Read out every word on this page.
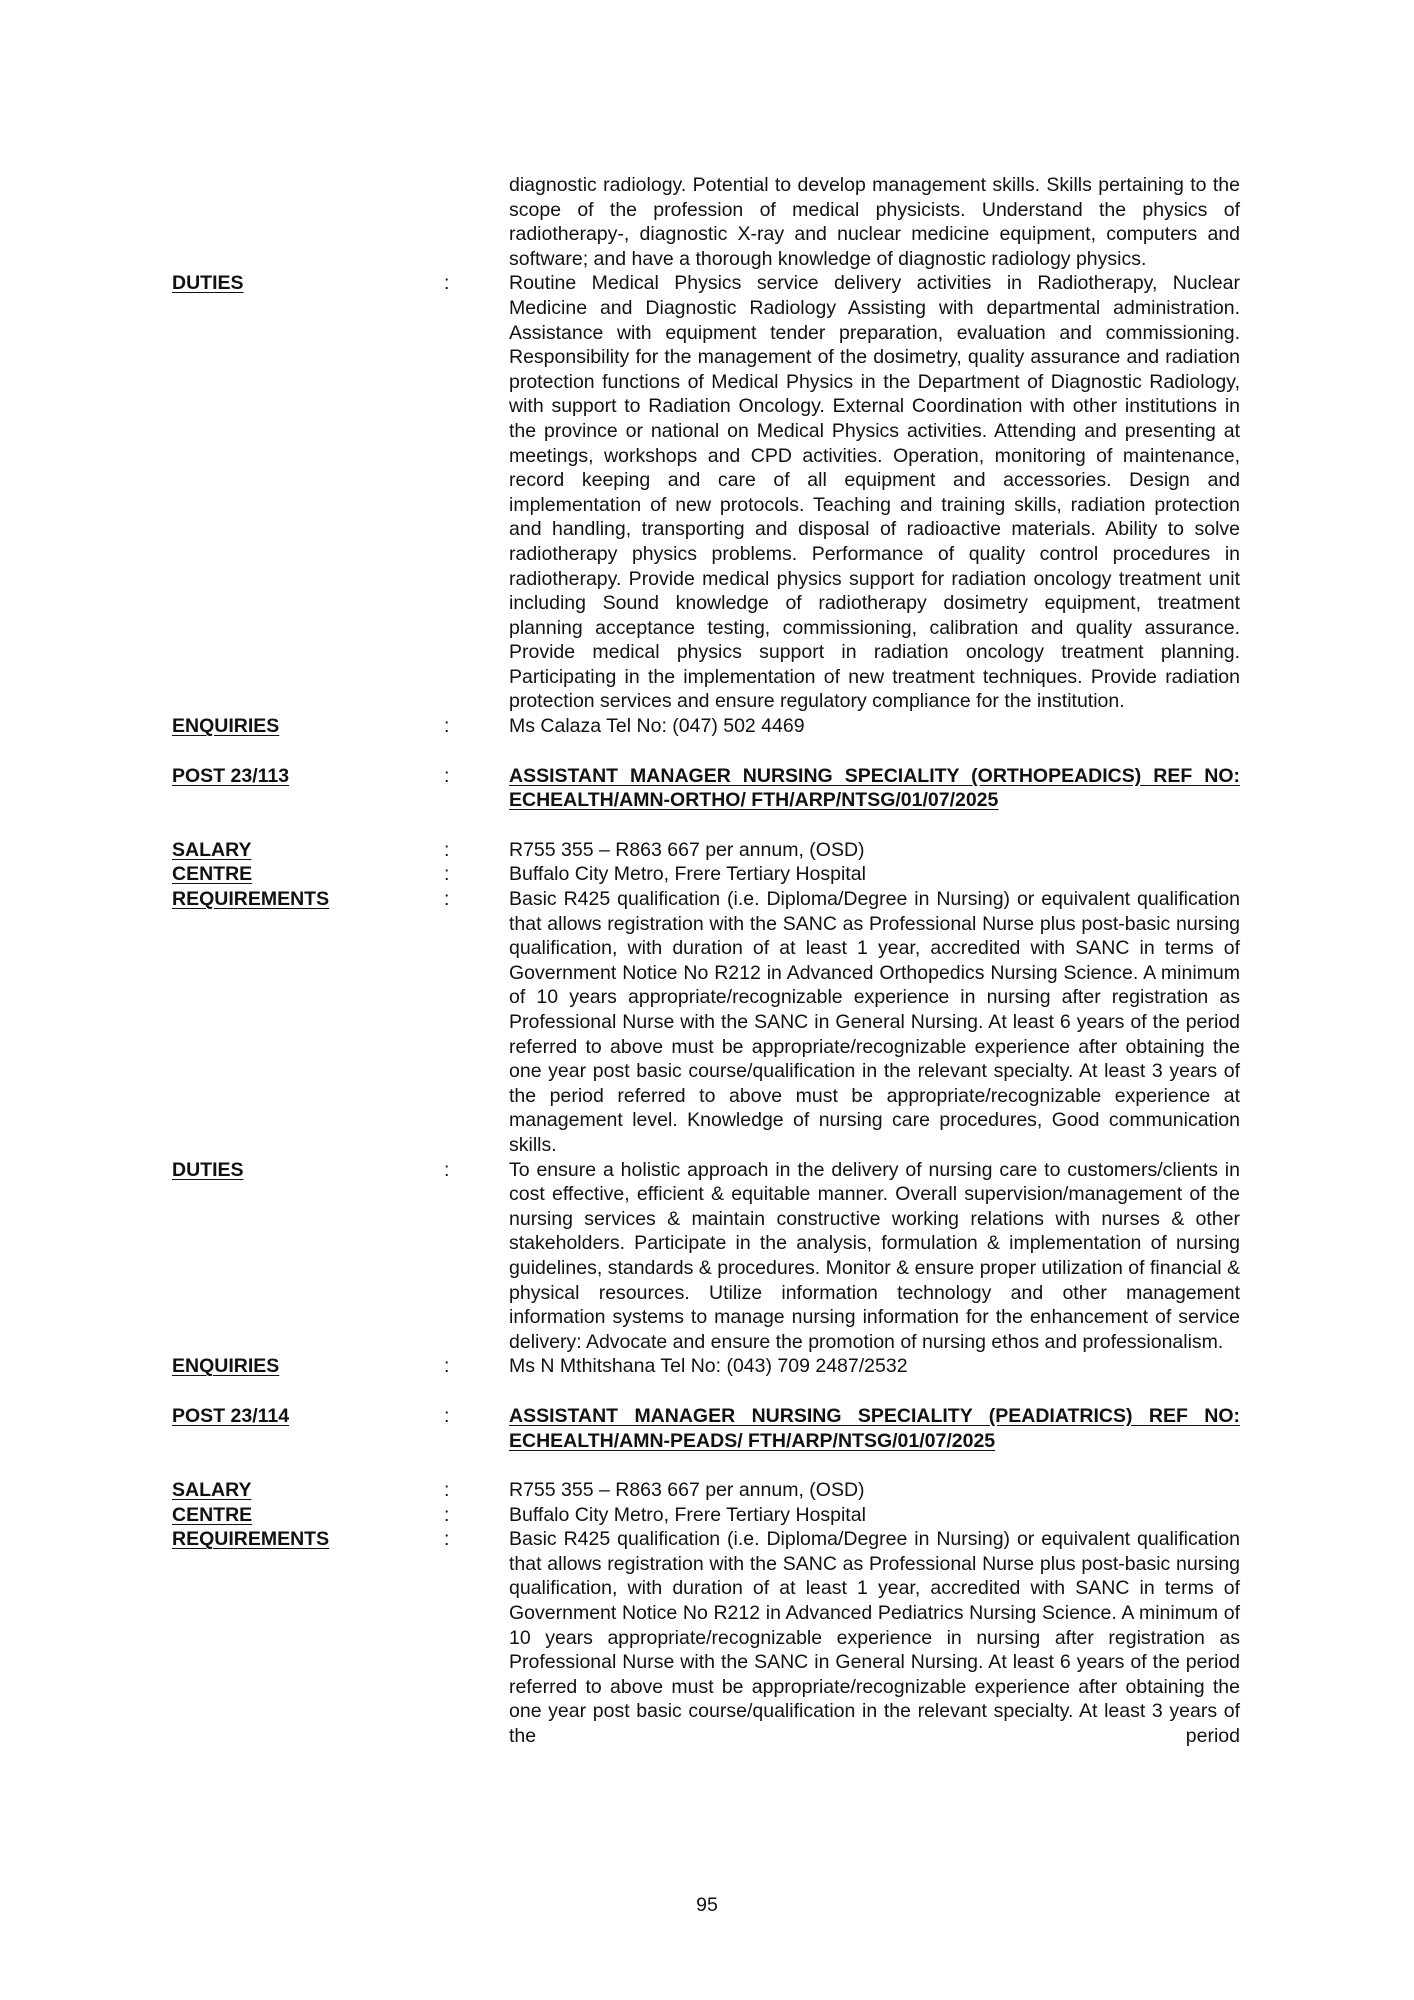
diagnostic radiology. Potential to develop management skills. Skills pertaining to the scope of the profession of medical physicists. Understand the physics of radiotherapy-, diagnostic X-ray and nuclear medicine equipment, computers and software; and have a thorough knowledge of diagnostic radiology physics.
DUTIES	:	Routine Medical Physics service delivery activities in Radiotherapy, Nuclear Medicine and Diagnostic Radiology Assisting with departmental administration. Assistance with equipment tender preparation, evaluation and commissioning. Responsibility for the management of the dosimetry, quality assurance and radiation protection functions of Medical Physics in the Department of Diagnostic Radiology, with support to Radiation Oncology. External Coordination with other institutions in the province or national on Medical Physics activities. Attending and presenting at meetings, workshops and CPD activities. Operation, monitoring of maintenance, record keeping and care of all equipment and accessories. Design and implementation of new protocols. Teaching and training skills, radiation protection and handling, transporting and disposal of radioactive materials. Ability to solve radiotherapy physics problems. Performance of quality control procedures in radiotherapy. Provide medical physics support for radiation oncology treatment unit including Sound knowledge of radiotherapy dosimetry equipment, treatment planning acceptance testing, commissioning, calibration and quality assurance. Provide medical physics support in radiation oncology treatment planning. Participating in the implementation of new treatment techniques. Provide radiation protection services and ensure regulatory compliance for the institution.
ENQUIRIES	:	Ms Calaza Tel No: (047) 502 4469
POST 23/113	:	ASSISTANT MANAGER NURSING SPECIALITY (ORTHOPEADICS) REF NO: ECHEALTH/AMN-ORTHO/ FTH/ARP/NTSG/01/07/2025
SALARY	:	R755 355 – R863 667 per annum, (OSD)
CENTRE	:	Buffalo City Metro, Frere Tertiary Hospital
REQUIREMENTS	:	Basic R425 qualification (i.e. Diploma/Degree in Nursing) or equivalent qualification that allows registration with the SANC as Professional Nurse plus post-basic nursing qualification, with duration of at least 1 year, accredited with SANC in terms of Government Notice No R212 in Advanced Orthopedics Nursing Science. A minimum of 10 years appropriate/recognizable experience in nursing after registration as Professional Nurse with the SANC in General Nursing. At least 6 years of the period referred to above must be appropriate/recognizable experience after obtaining the one year post basic course/qualification in the relevant specialty. At least 3 years of the period referred to above must be appropriate/recognizable experience at management level. Knowledge of nursing care procedures, Good communication skills.
DUTIES	:	To ensure a holistic approach in the delivery of nursing care to customers/clients in cost effective, efficient & equitable manner. Overall supervision/management of the nursing services & maintain constructive working relations with nurses & other stakeholders. Participate in the analysis, formulation & implementation of nursing guidelines, standards & procedures. Monitor & ensure proper utilization of financial & physical resources. Utilize information technology and other management information systems to manage nursing information for the enhancement of service delivery: Advocate and ensure the promotion of nursing ethos and professionalism.
ENQUIRIES	:	Ms N Mthitshana Tel No: (043) 709 2487/2532
POST 23/114	:	ASSISTANT MANAGER NURSING SPECIALITY (PEADIATRICS) REF NO: ECHEALTH/AMN-PEADS/ FTH/ARP/NTSG/01/07/2025
SALARY	:	R755 355 – R863 667 per annum, (OSD)
CENTRE	:	Buffalo City Metro, Frere Tertiary Hospital
REQUIREMENTS	:	Basic R425 qualification (i.e. Diploma/Degree in Nursing) or equivalent qualification that allows registration with the SANC as Professional Nurse plus post-basic nursing qualification, with duration of at least 1 year, accredited with SANC in terms of Government Notice No R212 in Advanced Pediatrics Nursing Science. A minimum of 10 years appropriate/recognizable experience in nursing after registration as Professional Nurse with the SANC in General Nursing. At least 6 years of the period referred to above must be appropriate/recognizable experience after obtaining the one year post basic course/qualification in the relevant specialty. At least 3 years of the period
95
